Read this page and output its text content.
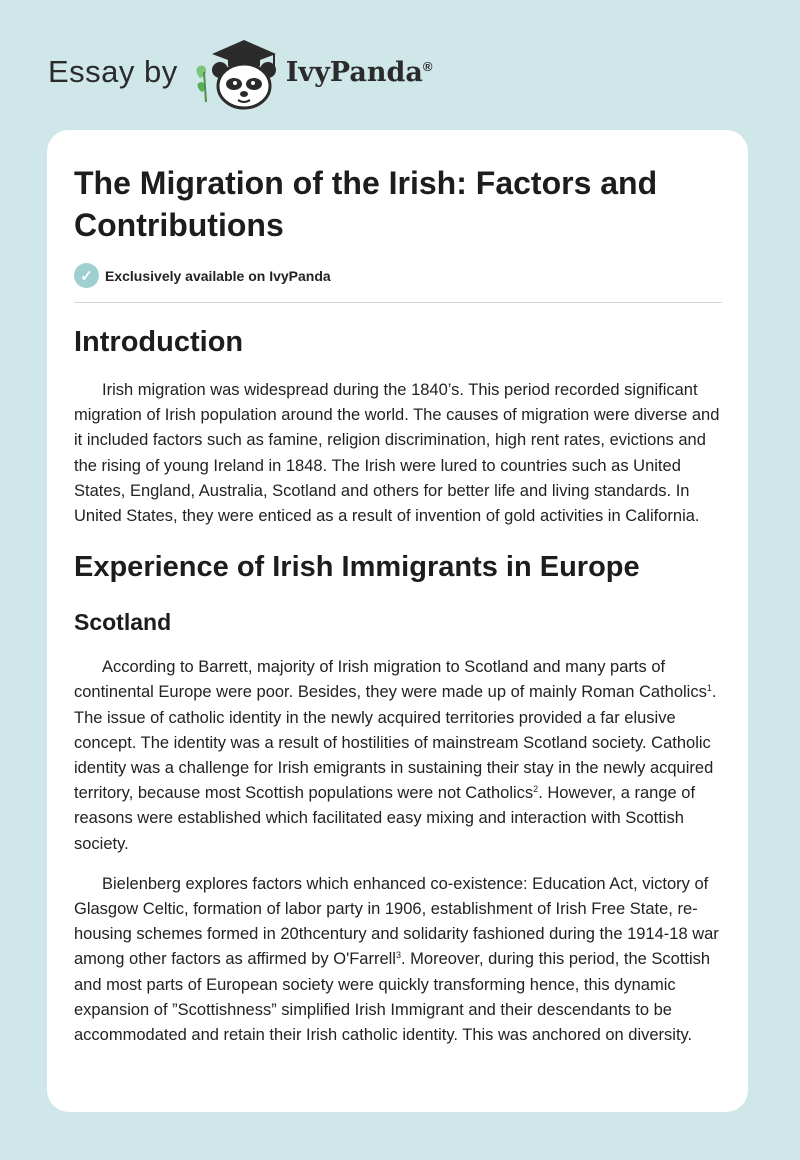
Essay by	IvyPanda®
The Migration of the Irish: Factors and Contributions
✓ Exclusively available on IvyPanda
Introduction

Irish migration was widespread during the 1840’s. This period recorded significant migration of Irish population around the world. The causes of migration were diverse and it included factors such as famine, religion discrimination, high rent rates, evictions and the rising of young Ireland in 1848. The Irish were lured to countries such as United States, England, Australia, Scotland and others for better life and living standards. In United States, they were enticed as a result of invention of gold activities in California.

Experience of Irish Immigrants in Europe
Scotland

According to Barrett, majority of Irish migration to Scotland and many parts of continental Europe were poor. Besides, they were made up of mainly Roman Catholics$^1$. The issue of catholic identity in the newly acquired territories provided a far elusive concept. The identity was a result of hostilities of mainstream Scotland society. Catholic identity was a challenge for Irish emigrants in sustaining their stay in the newly acquired territory, because most Scottish populations were not Catholics$^2$. However, a range of reasons were established which facilitated easy mixing and interaction with Scottish society.

Bielenberg explores factors which enhanced co-existence: Education Act, victory of Glasgow Celtic, formation of labor party in 1906, establishment of Irish Free State, re-housing schemes formed in 20thcentury and solidarity fashioned during the 1914-18 war among other factors as affirmed by O'Farrell$^3$. Moreover, during this period, the Scottish and most parts of European society were quickly transforming hence, this dynamic expansion of ”Scottishness” simplified Irish Immigrant and their descendants to be accommodated and retain their Irish catholic identity. This was anchored on diversity.
